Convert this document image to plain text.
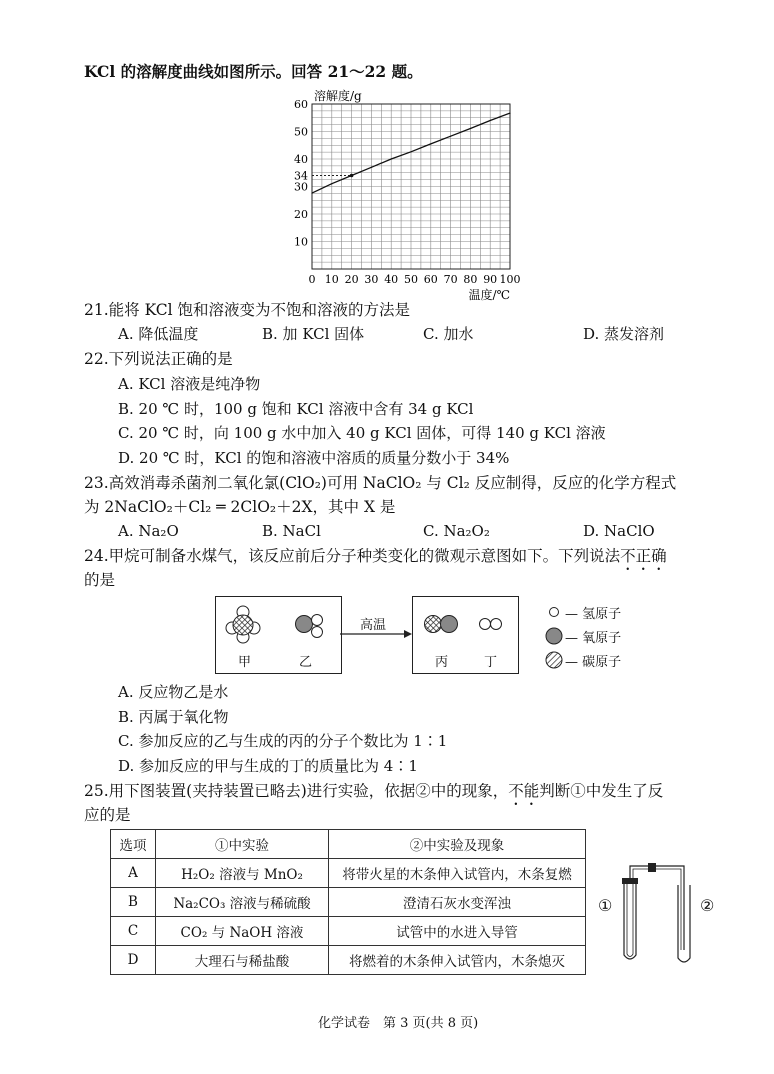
KCl 的溶解度曲线如图所示。回答 21～22 题。
0 10 20 30 40 50 60 70 80 90 100
10
20
30
40
50
60
溶解度/g
温度/℃
34
21.能将 KCl 饱和溶液变为不饱和溶液的方法是
A. 降低温度	B. 加 KCl 固体	C. 加水	D. 蒸发溶剂
22.下列说法正确的是
A. KCl 溶液是纯净物
B. 20 ℃ 时，100 g 饱和 KCl 溶液中含有 34 g KCl
C. 20 ℃ 时，向 100 g 水中加入 40 g KCl 固体，可得 140 g KCl 溶液
D. 20 ℃ 时，KCl 的饱和溶液中溶质的质量分数小于 34%
23.高效消毒杀菌剂二氧化氯(ClO₂)可用 NaClO₂ 与 Cl₂ 反应制得，反应的化学方程式
为 2NaClO₂＋Cl₂ ═ 2ClO₂＋2X，其中 X 是
A. Na₂O	B. NaCl	C. Na₂O₂	D. NaClO
24.甲烷可制备水煤气，该反应前后分子种类变化的微观示意图如下。下列说法不正确
的是
甲	乙
高温
丙	丁
— 氢原子
— 氧原子
— 碳原子
A. 反应物乙是水
B. 丙属于氧化物
C. 参加反应的乙与生成的丙的分子个数比为 1∶1
D. 参加反应的甲与生成的丁的质量比为 4∶1
25.用下图装置(夹持装置已略去)进行实验，依据②中的现象，不能判断①中发生了反
应的是
选项	①中实验	②中实验及现象
A	H₂O₂ 溶液与 MnO₂	将带火星的木条伸入试管内，木条复燃
B	Na₂CO₃ 溶液与稀硫酸	澄清石灰水变浑浊
C	CO₂ 与 NaOH 溶液	试管中的水进入导管
D	大理石与稀盐酸	将燃着的木条伸入试管内，木条熄灭
①	②
化学试卷　第 3 页(共 8 页)
